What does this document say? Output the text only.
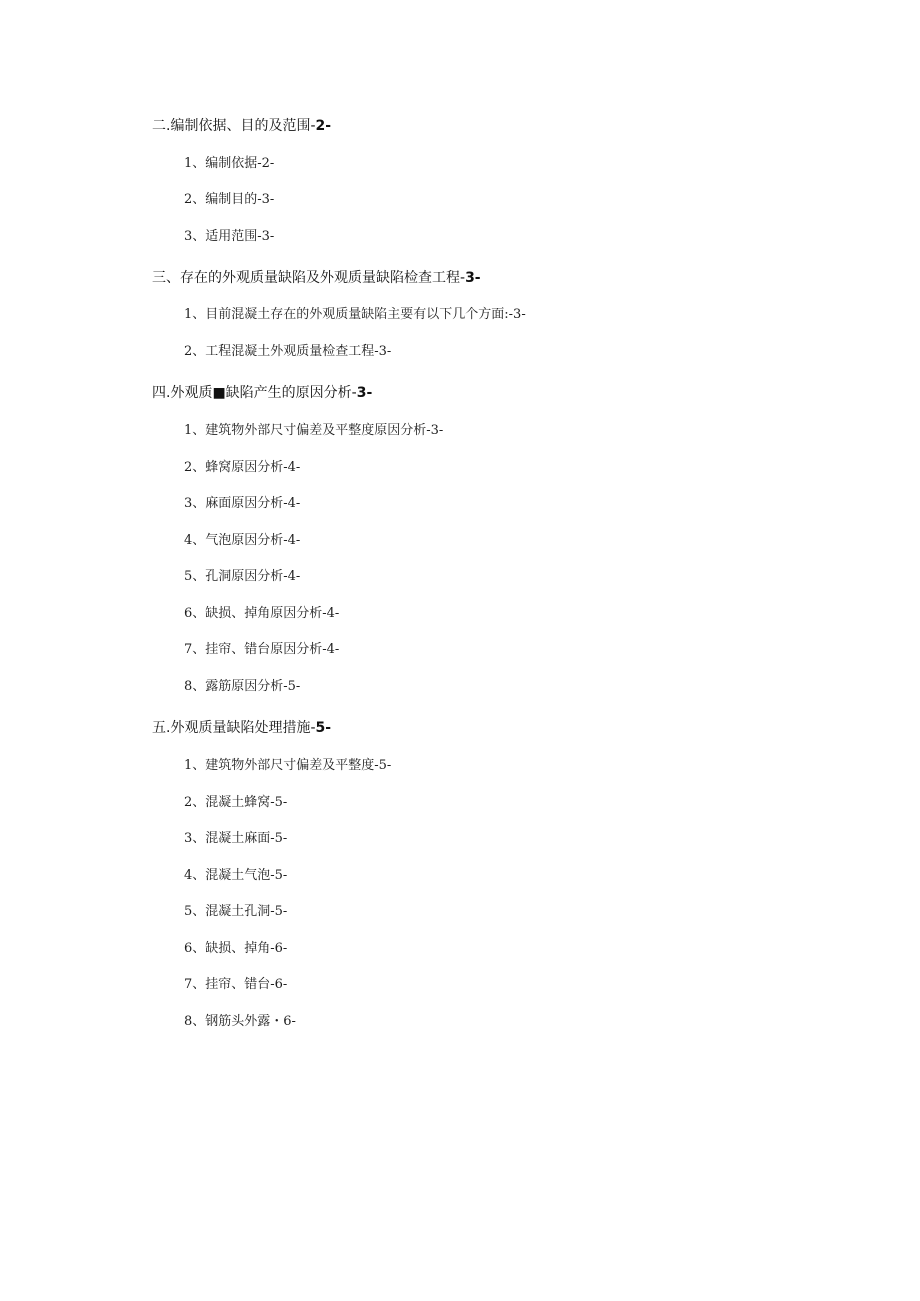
二.编制依据、目的及范围-2-
1、编制依据-2-
2、编制目的-3-
3、适用范围-3-
三、存在的外观质量缺陷及外观质量缺陷检查工程-3-
1、目前混凝土存在的外观质量缺陷主要有以下几个方面:-3-
2、工程混凝土外观质量检查工程-3-
四.外观质■缺陷产生的原因分析-3-
1、建筑物外部尺寸偏差及平整度原因分析-3-
2、蜂窝原因分析-4-
3、麻面原因分析-4-
4、气泡原因分析-4-
5、孔洞原因分析-4-
6、缺损、掉角原因分析-4-
7、挂帘、错台原因分析-4-
8、露筋原因分析-5-
五.外观质量缺陷处理措施-5-
1、建筑物外部尺寸偏差及平整度-5-
2、混凝土蜂窝-5-
3、混凝土麻面-5-
4、混凝土气泡-5-
5、混凝土孔洞-5-
6、缺损、掉角-6-
7、挂帘、错台-6-
8、钢筋头外露・6-
